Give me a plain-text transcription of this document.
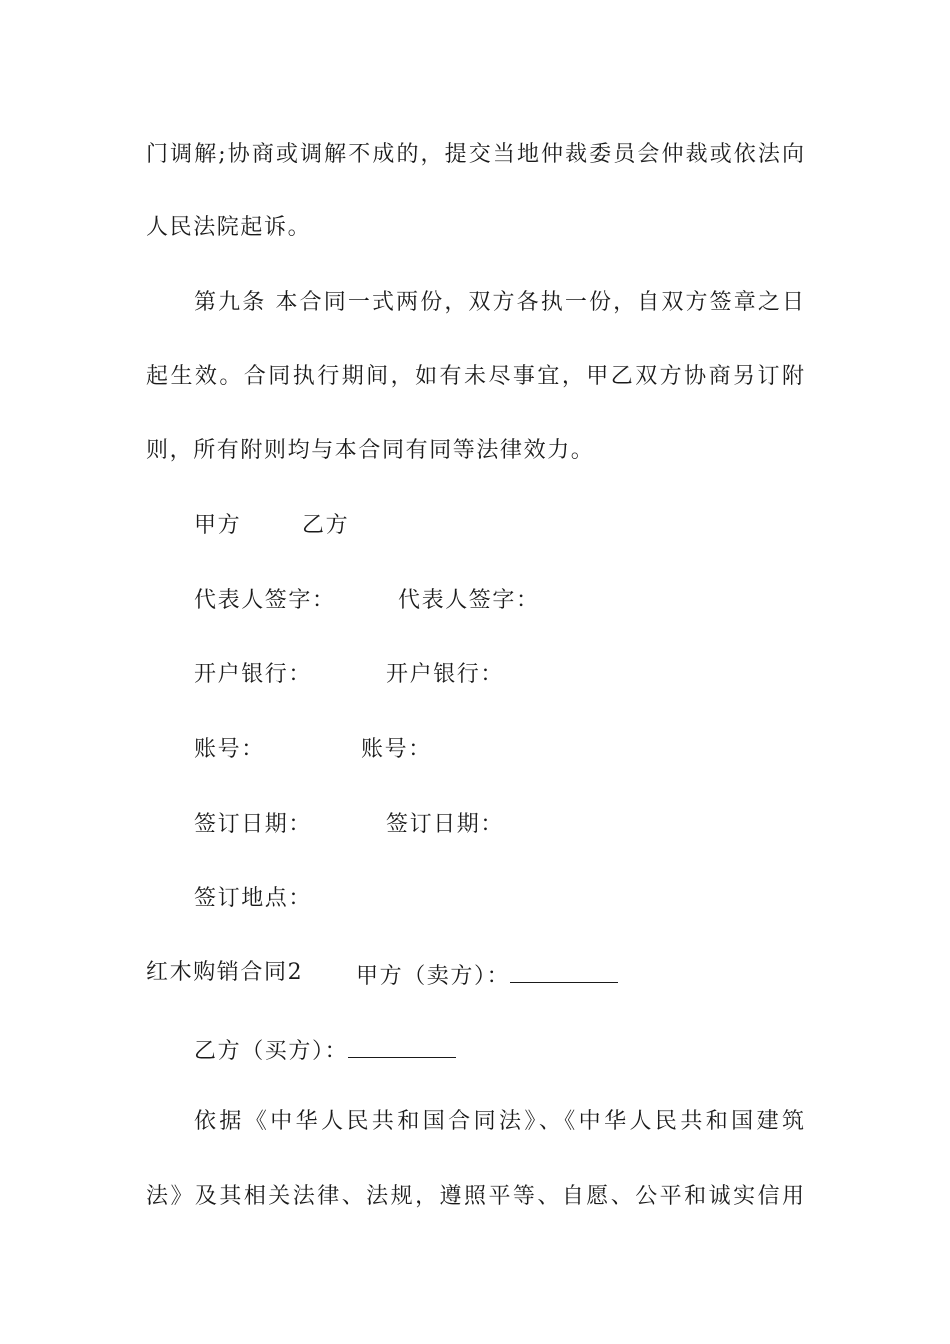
门调解;协商或调解不成的，提交当地仲裁委员会仲裁或依法向
人民法院起诉。
第九条 本合同一式两份，双方各执一份，自双方签章之日
起生效。合同执行期间，如有未尽事宜，甲乙双方协商另订附
则，所有附则均与本合同有同等法律效力。
甲方	乙方
代表人签字：	代表人签字：
开户银行：	开户银行：
账号：	账号：
签订日期：	签订日期：
签订地点：
红木购销合同2 甲方（卖方）：
乙方（买方）：
依据《中华人民共和国合同法》、《中华人民共和国建筑
法》及其相关法律、法规，遵照平等、自愿、公平和诚实信用
